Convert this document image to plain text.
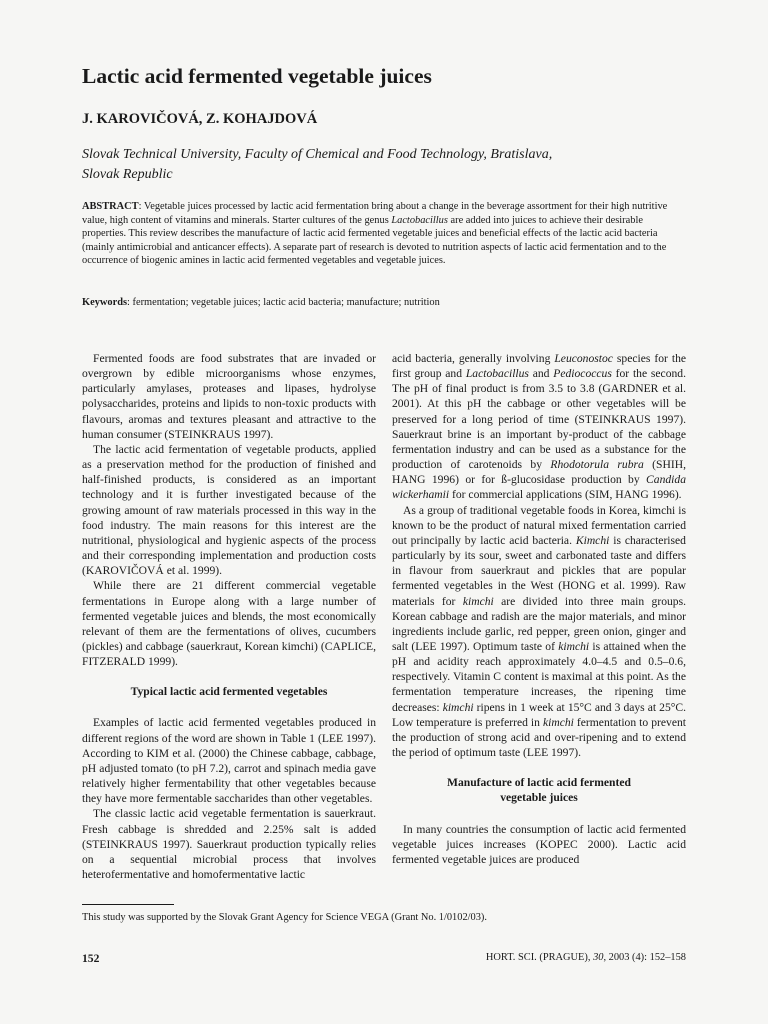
Lactic acid fermented vegetable juices

J. KAROVIČOVÁ, Z. KOHAJDOVÁ

Slovak Technical University, Faculty of Chemical and Food Technology, Bratislava,
Slovak Republic

ABSTRACT: Vegetable juices processed by lactic acid fermentation bring about a change in the beverage assortment for their high nutritive value, high content of vitamins and minerals. Starter cultures of the genus Lactobacillus are added into juices to achieve their desirable properties. This review describes the manufacture of lactic acid fermented vegetable juices and beneficial effects of the lactic acid bacteria (mainly antimicrobial and anticancer effects). A separate part of research is devoted to nutrition aspects of lactic acid fermentation and to the occurrence of biogenic amines in lactic acid fermented vegetables and vegetable juices.

Keywords: fermentation; vegetable juices; lactic acid bacteria; manufacture; nutrition

Fermented foods are food substrates that are invaded or overgrown by edible microorganisms whose enzymes, particularly amylases, proteases and lipases, hydrolyse polysaccharides, proteins and lipids to non-toxic products with flavours, aromas and textures pleasant and attractive to the human consumer (STEINKRAUS 1997).

The lactic acid fermentation of vegetable products, applied as a preservation method for the production of finished and half-finished products, is considered as an important technology and it is further investigated because of the growing amount of raw materials processed in this way in the food industry. The main reasons for this interest are the nutritional, physiological and hygienic aspects of the process and their corresponding implementation and production costs (KAROVIČOVÁ et al. 1999).

While there are 21 different commercial vegetable fermentations in Europe along with a large number of fermented vegetable juices and blends, the most economically relevant of them are the fermentations of olives, cucumbers (pickles) and cabbage (sauerkraut, Korean kimchi) (CAPLICE, FITZERALD 1999).

Typical lactic acid fermented vegetables

Examples of lactic acid fermented vegetables produced in different regions of the word are shown in Table 1 (LEE 1997). According to KIM et al. (2000) the Chinese cabbage, cabbage, pH adjusted tomato (to pH 7.2), carrot and spinach media gave relatively higher fermentability that other vegetables because they have more fermentable saccharides than other vegetables.

The classic lactic acid vegetable fermentation is sauerkraut. Fresh cabbage is shredded and 2.25% salt is added (STEINKRAUS 1997). Sauerkraut production typically relies on a sequential microbial process that involves heterofermentative and homofermentative lactic

acid bacteria, generally involving Leuconostoc species for the first group and Lactobacillus and Pediococcus for the second. The pH of final product is from 3.5 to 3.8 (GARDNER et al. 2001). At this pH the cabbage or other vegetables will be preserved for a long period of time (STEINKRAUS 1997). Sauerkraut brine is an important by-product of the cabbage fermentation industry and can be used as a substance for the production of carotenoids by Rhodotorula rubra (SHIH, HANG 1996) or for ß-glucosidase production by Candida wickerhamii for commercial applications (SIM, HANG 1996).

As a group of traditional vegetable foods in Korea, kimchi is known to be the product of natural mixed fermentation carried out principally by lactic acid bacteria. Kimchi is characterised particularly by its sour, sweet and carbonated taste and differs in flavour from sauerkraut and pickles that are popular fermented vegetables in the West (HONG et al. 1999). Raw materials for kimchi are divided into three main groups. Korean cabbage and radish are the major materials, and minor ingredients include garlic, red pepper, green onion, ginger and salt (LEE 1997). Optimum taste of kimchi is attained when the pH and acidity reach approximately 4.0–4.5 and 0.5–0.6, respectively. Vitamin C content is maximal at this point. As the fermentation temperature increases, the ripening time decreases: kimchi ripens in 1 week at 15°C and 3 days at 25°C. Low temperature is preferred in kimchi fermentation to prevent the production of strong acid and over-ripening and to extend the period of optimum taste (LEE 1997).

Manufacture of lactic acid fermented
vegetable juices

In many countries the consumption of lactic acid fermented vegetable juices increases (KOPEC 2000). Lactic acid fermented vegetable juices are produced

This study was supported by the Slovak Grant Agency for Science VEGA (Grant No. 1/0102/03).

152	HORT. SCI. (PRAGUE), 30, 2003 (4): 152–158
